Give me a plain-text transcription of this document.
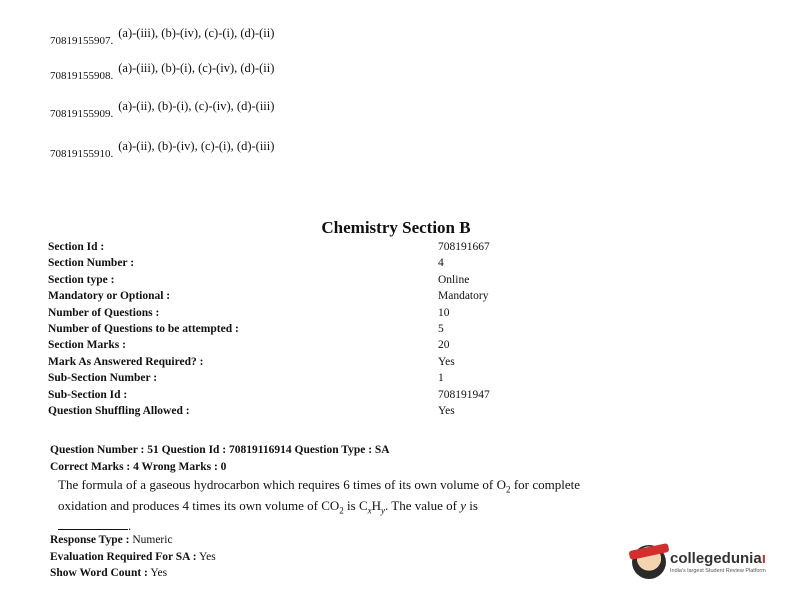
70819155907.
(a)-(iii), (b)-(iv), (c)-(i), (d)-(ii)
70819155908.
(a)-(iii), (b)-(i), (c)-(iv), (d)-(ii)
70819155909.
(a)-(ii), (b)-(i), (c)-(iv), (d)-(iii)
70819155910.
(a)-(ii), (b)-(iv), (c)-(i), (d)-(iii)
Chemistry Section B
Section Id :	708191667
Section Number :	4
Section type :	Online
Mandatory or Optional :	Mandatory
Number of Questions :	10
Number of Questions to be attempted :	5
Section Marks :	20
Mark As Answered Required? :	Yes
Sub-Section Number :	1
Sub-Section Id :	708191947
Question Shuffling Allowed :	Yes
Question Number : 51 Question Id : 70819116914 Question Type : SA
Correct Marks : 4 Wrong Marks : 0
The formula of a gaseous hydrocarbon which requires 6 times of its own volume of $O_2$ for complete oxidation and produces 4 times its own volume of $CO_2$ is $C_xH_y$. The value of y is
.
Response Type : Numeric
Evaluation Required For SA : Yes
Show Word Count : Yes
collegeduniaı
India's largest Student Review Platform
